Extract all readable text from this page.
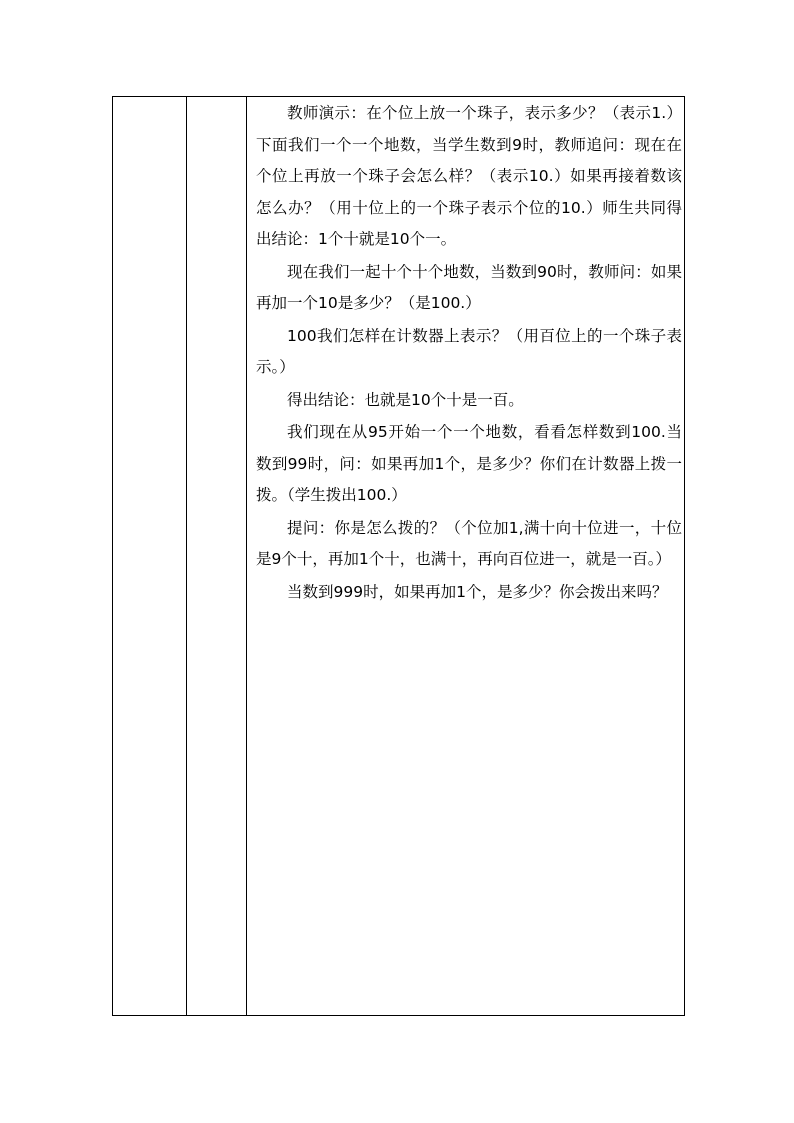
教师演示：在个位上放一个珠子，表示多少？（表示1.）下面我们一个一个地数，当学生数到9时，教师追问：现在在个位上再放一个珠子会怎么样？（表示10.）如果再接着数该怎么办？（用十位上的一个珠子表示个位的10.）师生共同得出结论：1个十就是10个一。

现在我们一起十个十个地数，当数到90时，教师问：如果再加一个10是多少？（是100.）

100我们怎样在计数器上表示？（用百位上的一个珠子表示。）

得出结论：也就是10个十是一百。

我们现在从95开始一个一个地数，看看怎样数到100.当数到99时，问：如果再加1个，是多少？你们在计数器上拨一拨。（学生拨出100.）

提问：你是怎么拨的？（个位加1,满十向十位进一，十位是9个十，再加1个十，也满十，再向百位进一，就是一百。）

当数到999时，如果再加1个，是多少？你会拨出来吗？
